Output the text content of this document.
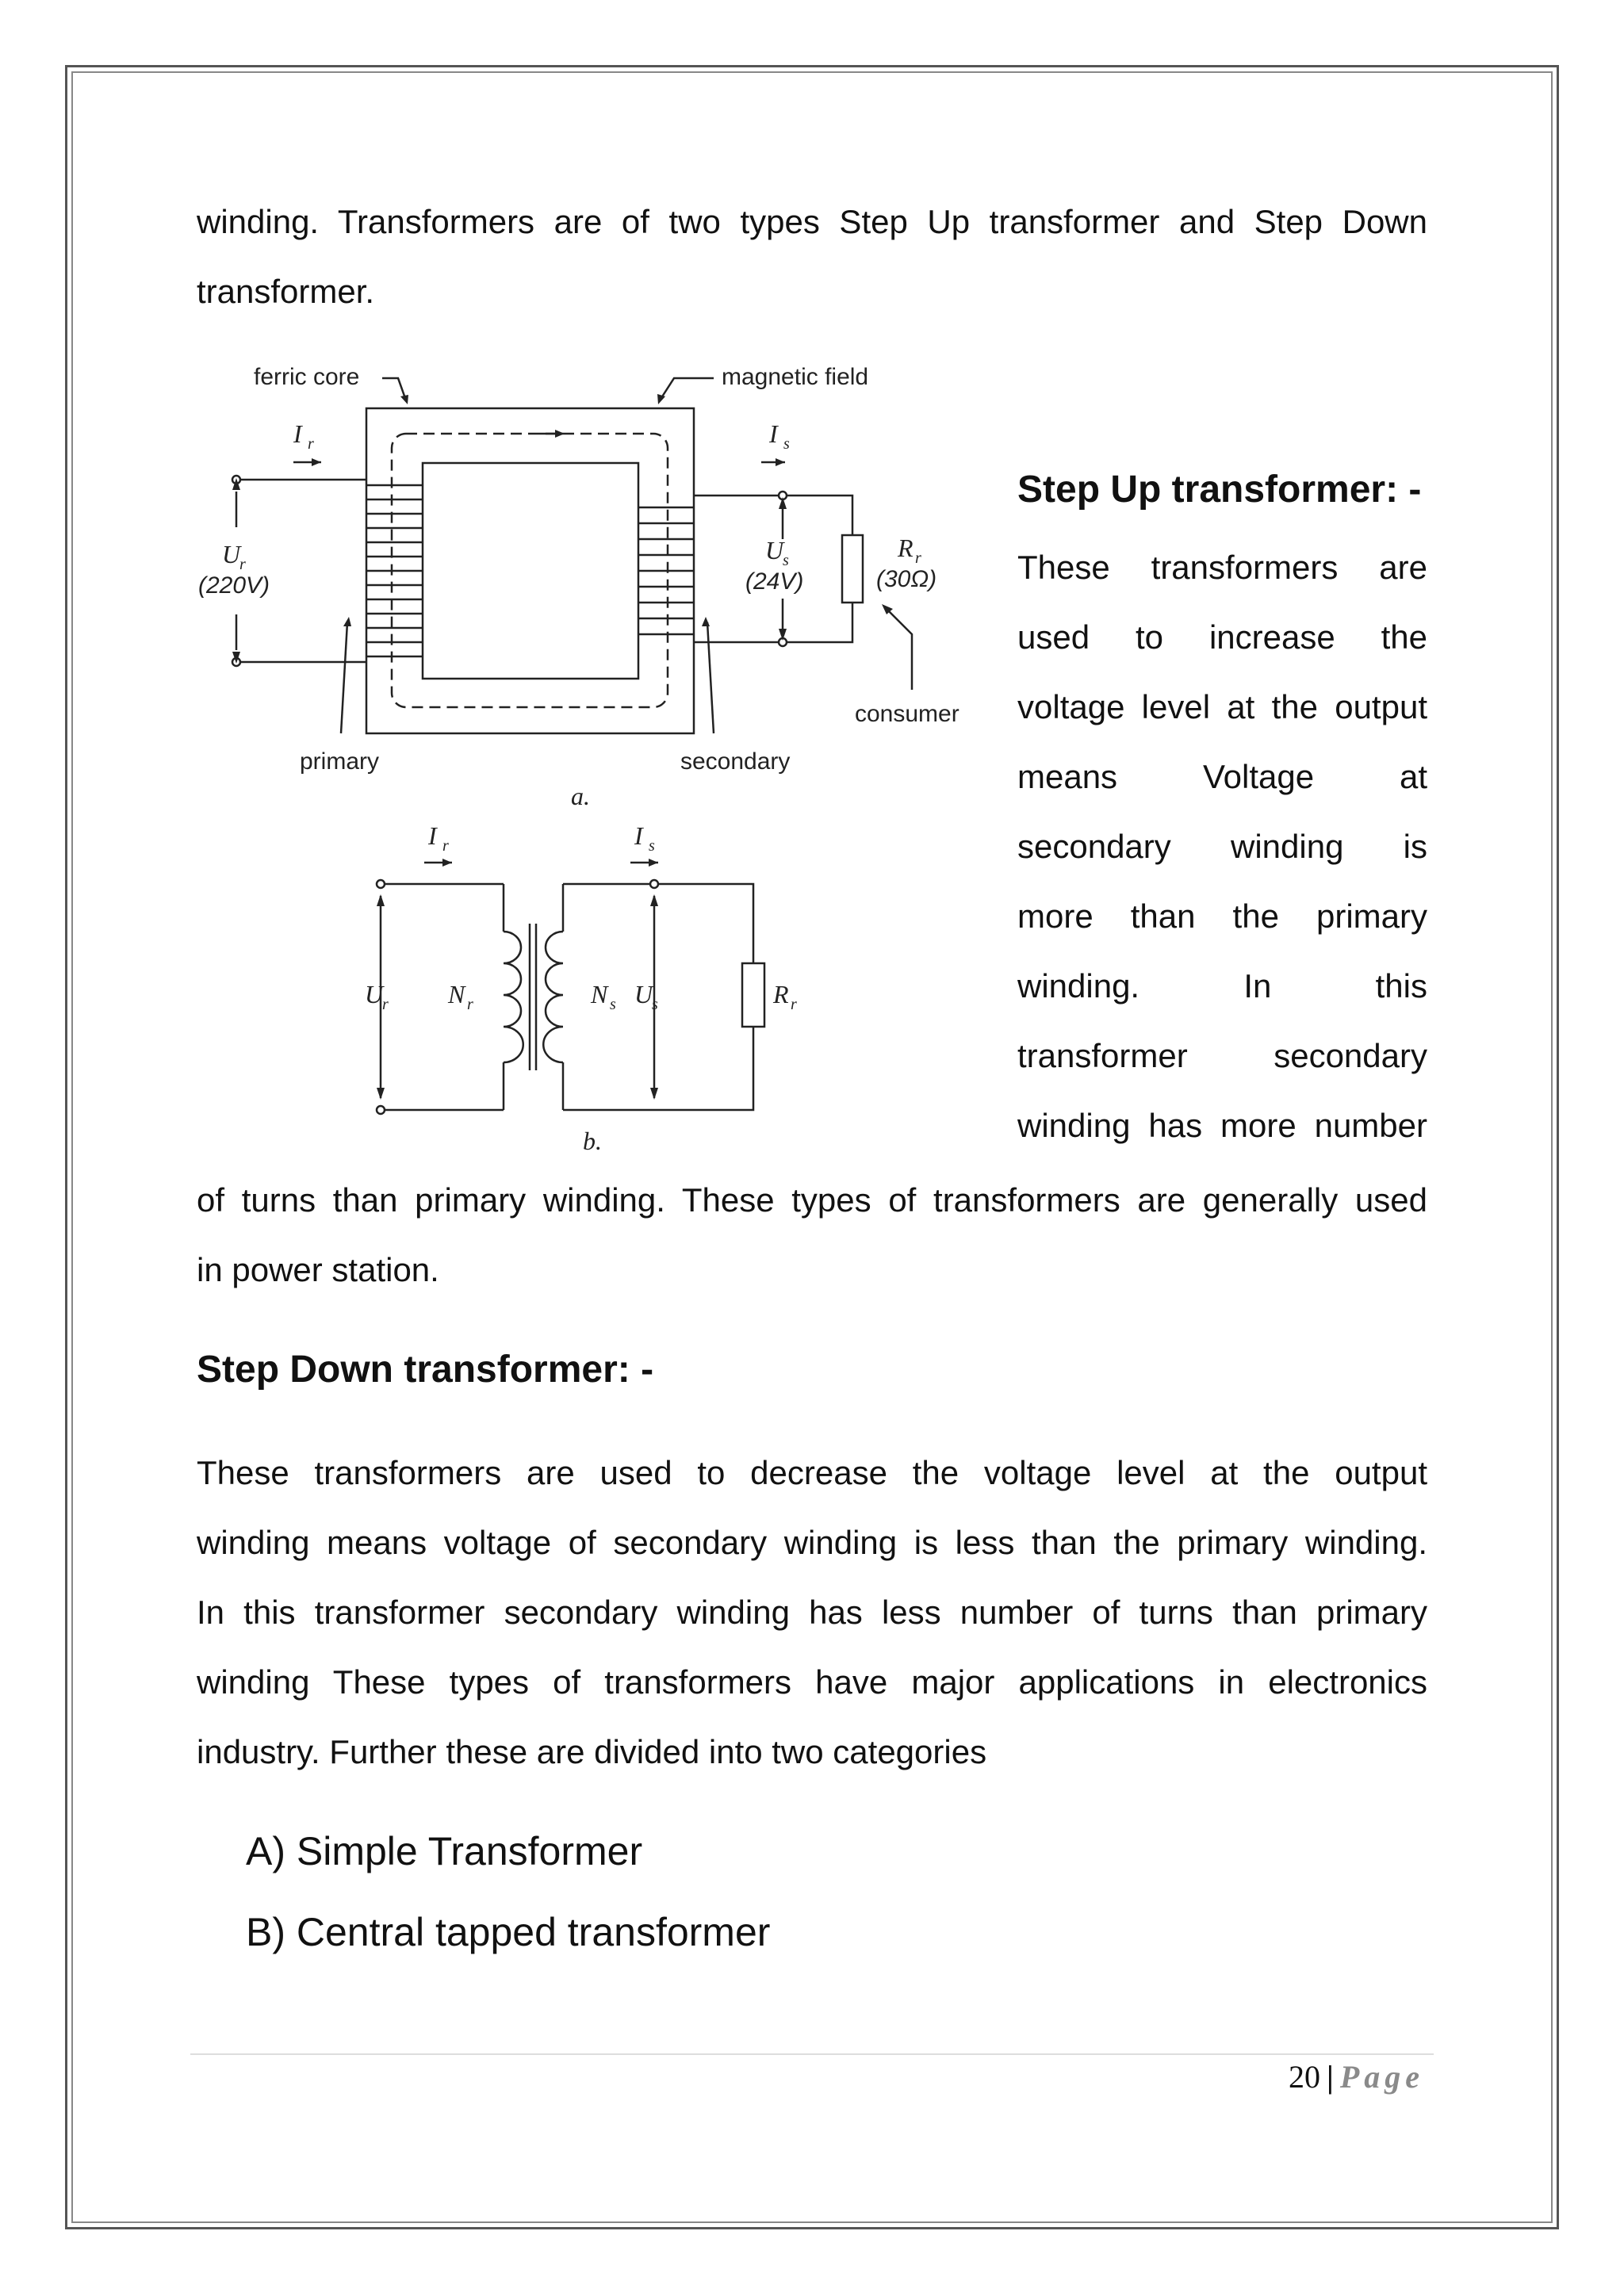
winding. Transformers are of two types Step Up transformer and Step Down
transformer.
ferric core	magnetic field
primary	secondary
consumer
I r	I s
U
r
(220V)
U
s
(24V)
R r
(30Ω)
a.
I r	I s
U
r N r	N s U
s	R r
b.
Step Up transformer: -
These transformers are
used to increase the
voltage level at the output
means Voltage at
secondary winding is
more than the primary
winding. In this
transformer secondary
winding has more number
of turns than primary winding. These types of transformers are generally used
in power station.
Step Down transformer: -
These transformers are used to decrease the voltage level at the output
winding means voltage of secondary winding is less than the primary winding.
In this transformer secondary winding has less number of turns than primary
winding These types of transformers have major applications in electronics
industry. Further these are divided into two categories
A) Simple Transformer
B) Central tapped transformer
20 | Page
